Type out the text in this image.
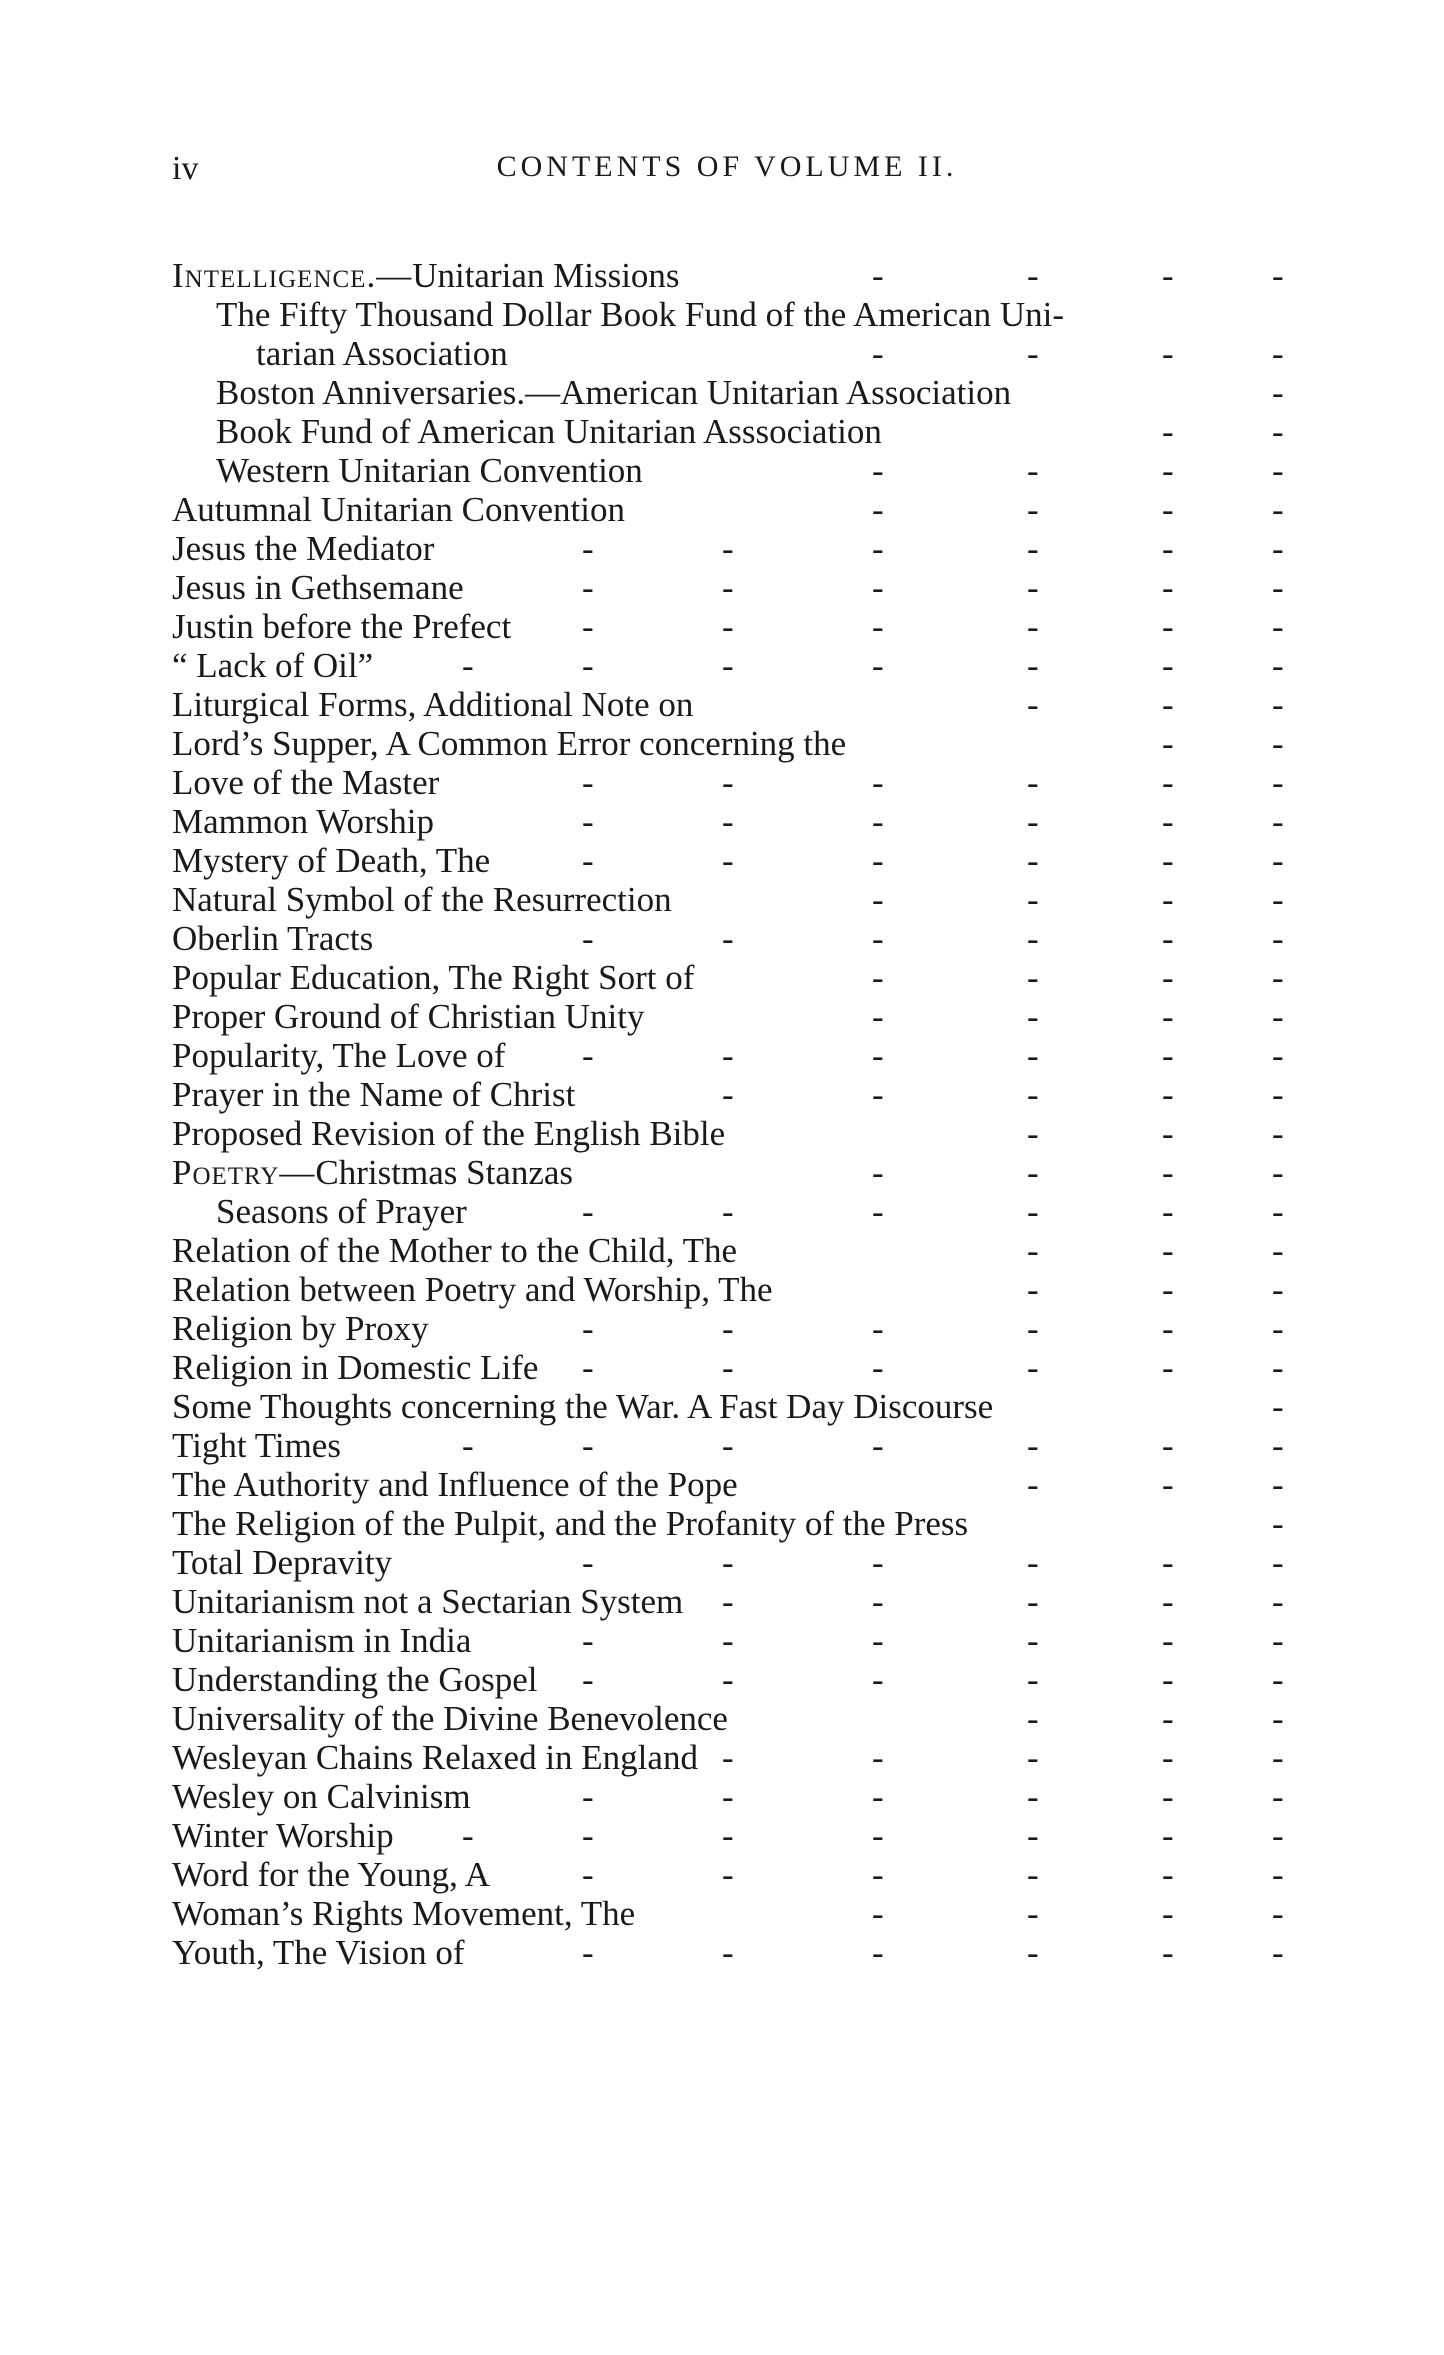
iv	CONTENTS OF VOLUME II.
Intelligence.—Unitarian Missions	-	-	-	-
The Fifty Thousand Dollar Book Fund of the American Uni-
tarian Association	-	-	-	-
Boston Anniversaries.—American Unitarian Association	-
Book Fund of American Unitarian Asssociation	-	-
Western Unitarian Convention	-	-	-	-
Autumnal Unitarian Convention	-	-	-	-
Jesus the Mediator	-	-	-	-	-	-
Jesus in Gethsemane	-	-	-	-	-	-
Justin before the Prefect -	-	-	-	-	-
“ Lack of Oil”	-	-	-	-	-	-	-
Liturgical Forms, Additional Note on	-	-	-
Lord’s Supper, A Common Error concerning the	-	-
Love of the Master	-	-	-	-	-	-
Mammon Worship	-	-	-	-	-	-
Mystery of Death, The	-	-	-	-	-	-
Natural Symbol of the Resurrection	-	-	-	-
Oberlin Tracts	-	-	-	-	-	-
Popular Education, The Right Sort of	-	-	-	-
Proper Ground of Christian Unity	-	-	-	-
Popularity, The Love of -	-	-	-	-	-
Prayer in the Name of Christ	-	-	-	-	-
Proposed Revision of the English Bible	-	-	-
Poetry—Christmas Stanzas	-	-	-	-
Seasons of Prayer	-	-	-	-	-	-
Relation of the Mother to the Child, The	-	-	-
Relation between Poetry and Worship, The	-	-	-
Religion by Proxy	-	-	-	-	-	-
Religion in Domestic Life -	-	-	-	-	-
Some Thoughts concerning the War. A Fast Day Discourse	-
Tight Times	-	-	-	-	-	-	-
The Authority and Influence of the Pope	-	-	-
The Religion of the Pulpit, and the Profanity of the Press	-
Total Depravity	-	-	-	-	-	-
Unitarianism not a Sectarian System -	-	-	-	-
Unitarianism in India	-	-	-	-	-	-
Understanding the Gospel -	-	-	-	-	-
Universality of the Divine Benevolence	-	-	-
Wesleyan Chains Relaxed in England -	-	-	-	-
Wesley on Calvinism	-	-	-	-	-	-
Winter Worship -	-	-	-	-	-	-
Word for the Young, A	-	-	-	-	-	-
Woman’s Rights Movement, The	-	-	-	-
Youth, The Vision of	-	-	-	-	-	-
